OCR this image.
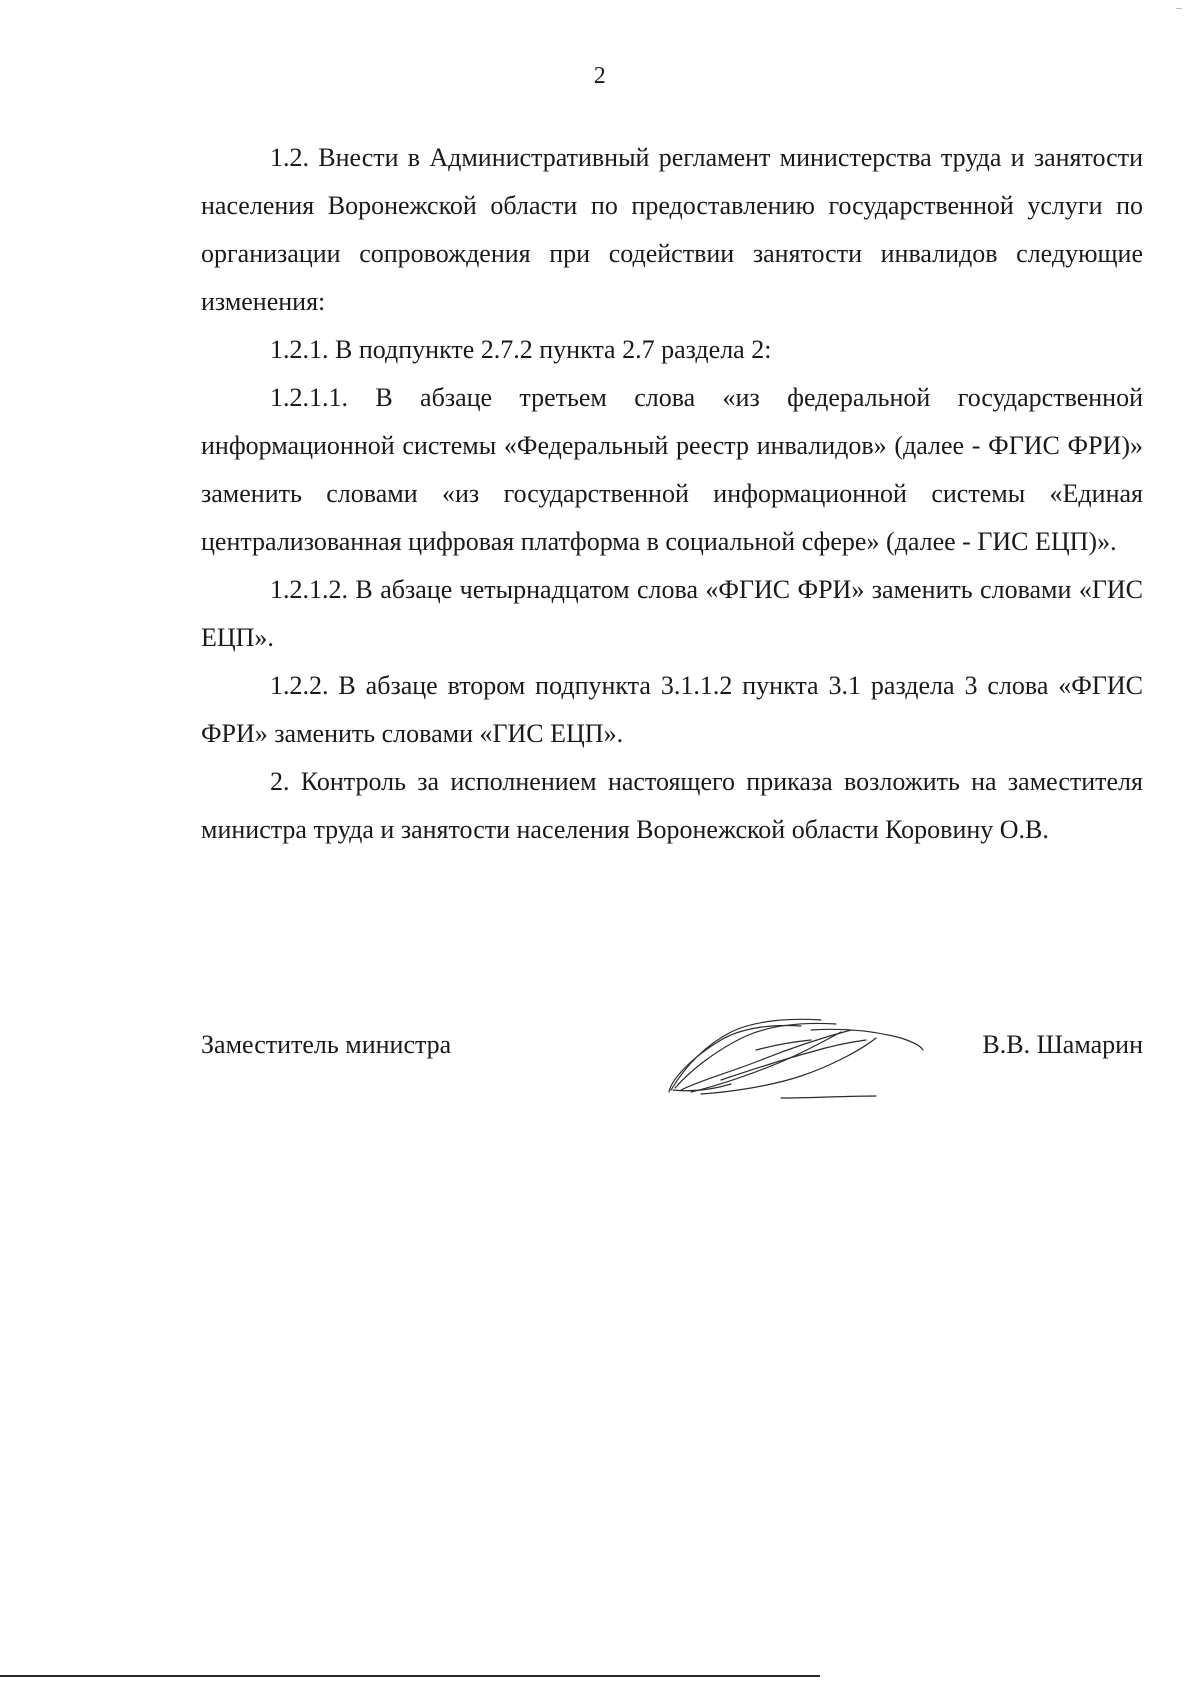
2

1.2. Внести в Административный регламент министерства труда и занятости населения Воронежской области по предоставлению государственной услуги по организации сопровождения при содействии занятости инвалидов следующие изменения:

1.2.1. В подпункте 2.7.2 пункта 2.7 раздела 2:

1.2.1.1. В абзаце третьем слова «из федеральной государственной информационной системы «Федеральный реестр инвалидов» (далее - ФГИС ФРИ)» заменить словами «из государственной информационной системы «Единая централизованная цифровая платформа в социальной сфере» (далее - ГИС ЕЦП)».

1.2.1.2. В абзаце четырнадцатом слова «ФГИС ФРИ» заменить словами «ГИС ЕЦП».

1.2.2. В абзаце втором подпункта 3.1.1.2 пункта 3.1 раздела 3 слова «ФГИС ФРИ» заменить словами «ГИС ЕЦП».

2. Контроль за исполнением настоящего приказа возложить на заместителя министра труда и занятости населения Воронежской области Коровину О.В.

Заместитель министра	В.В. Шамарин
